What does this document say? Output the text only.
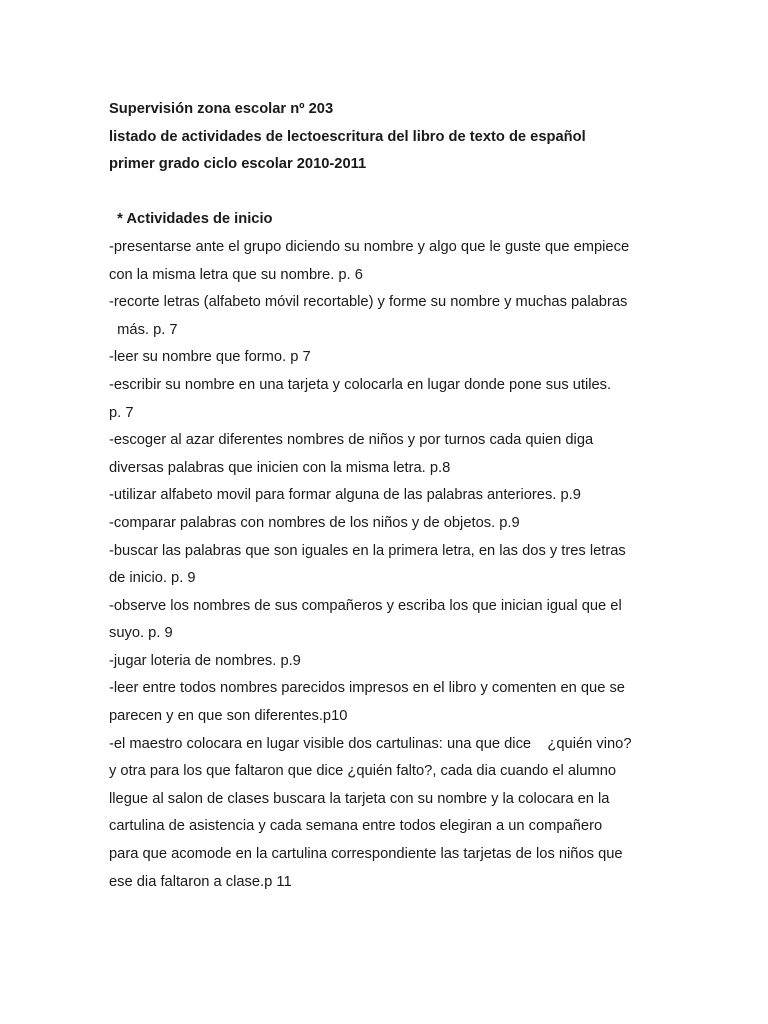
Supervisión zona escolar nº 203
listado de actividades de lectoescritura del libro de texto de español
primer grado ciclo escolar 2010-2011
* Actividades de inicio
-presentarse ante el grupo diciendo su nombre y algo que le guste que empiece
con la misma letra que su nombre. p. 6
-recorte letras (alfabeto móvil recortable) y forme su nombre y muchas palabras
más. p. 7
-leer su nombre que formo. p 7
-escribir su nombre en una tarjeta y colocarla en lugar donde pone sus utiles.
p. 7
-escoger al azar diferentes nombres de niños y por turnos cada quien diga
diversas palabras que inicien con la misma letra. p.8
-utilizar alfabeto movil para formar alguna de las palabras anteriores. p.9
-comparar palabras con nombres de los niños y de objetos. p.9
-buscar las palabras que son iguales en la primera letra, en las dos y tres letras
de inicio. p. 9
-observe los nombres de sus compañeros y escriba los que inician igual que el
suyo. p. 9
-jugar loteria de nombres. p.9
-leer entre todos nombres parecidos impresos en el libro y comenten en que se
parecen y en que son diferentes.p10
-el maestro colocara en lugar visible dos cartulinas: una que dice    ¿quién vino?
y otra para los que faltaron que dice ¿quién falto?, cada dia cuando el alumno
llegue al salon de clases buscara la tarjeta con su nombre y la colocara en la
cartulina de asistencia y cada semana entre todos elegiran a un compañero
para que acomode en la cartulina correspondiente las tarjetas de los niños que
ese dia faltaron a clase.p 11
